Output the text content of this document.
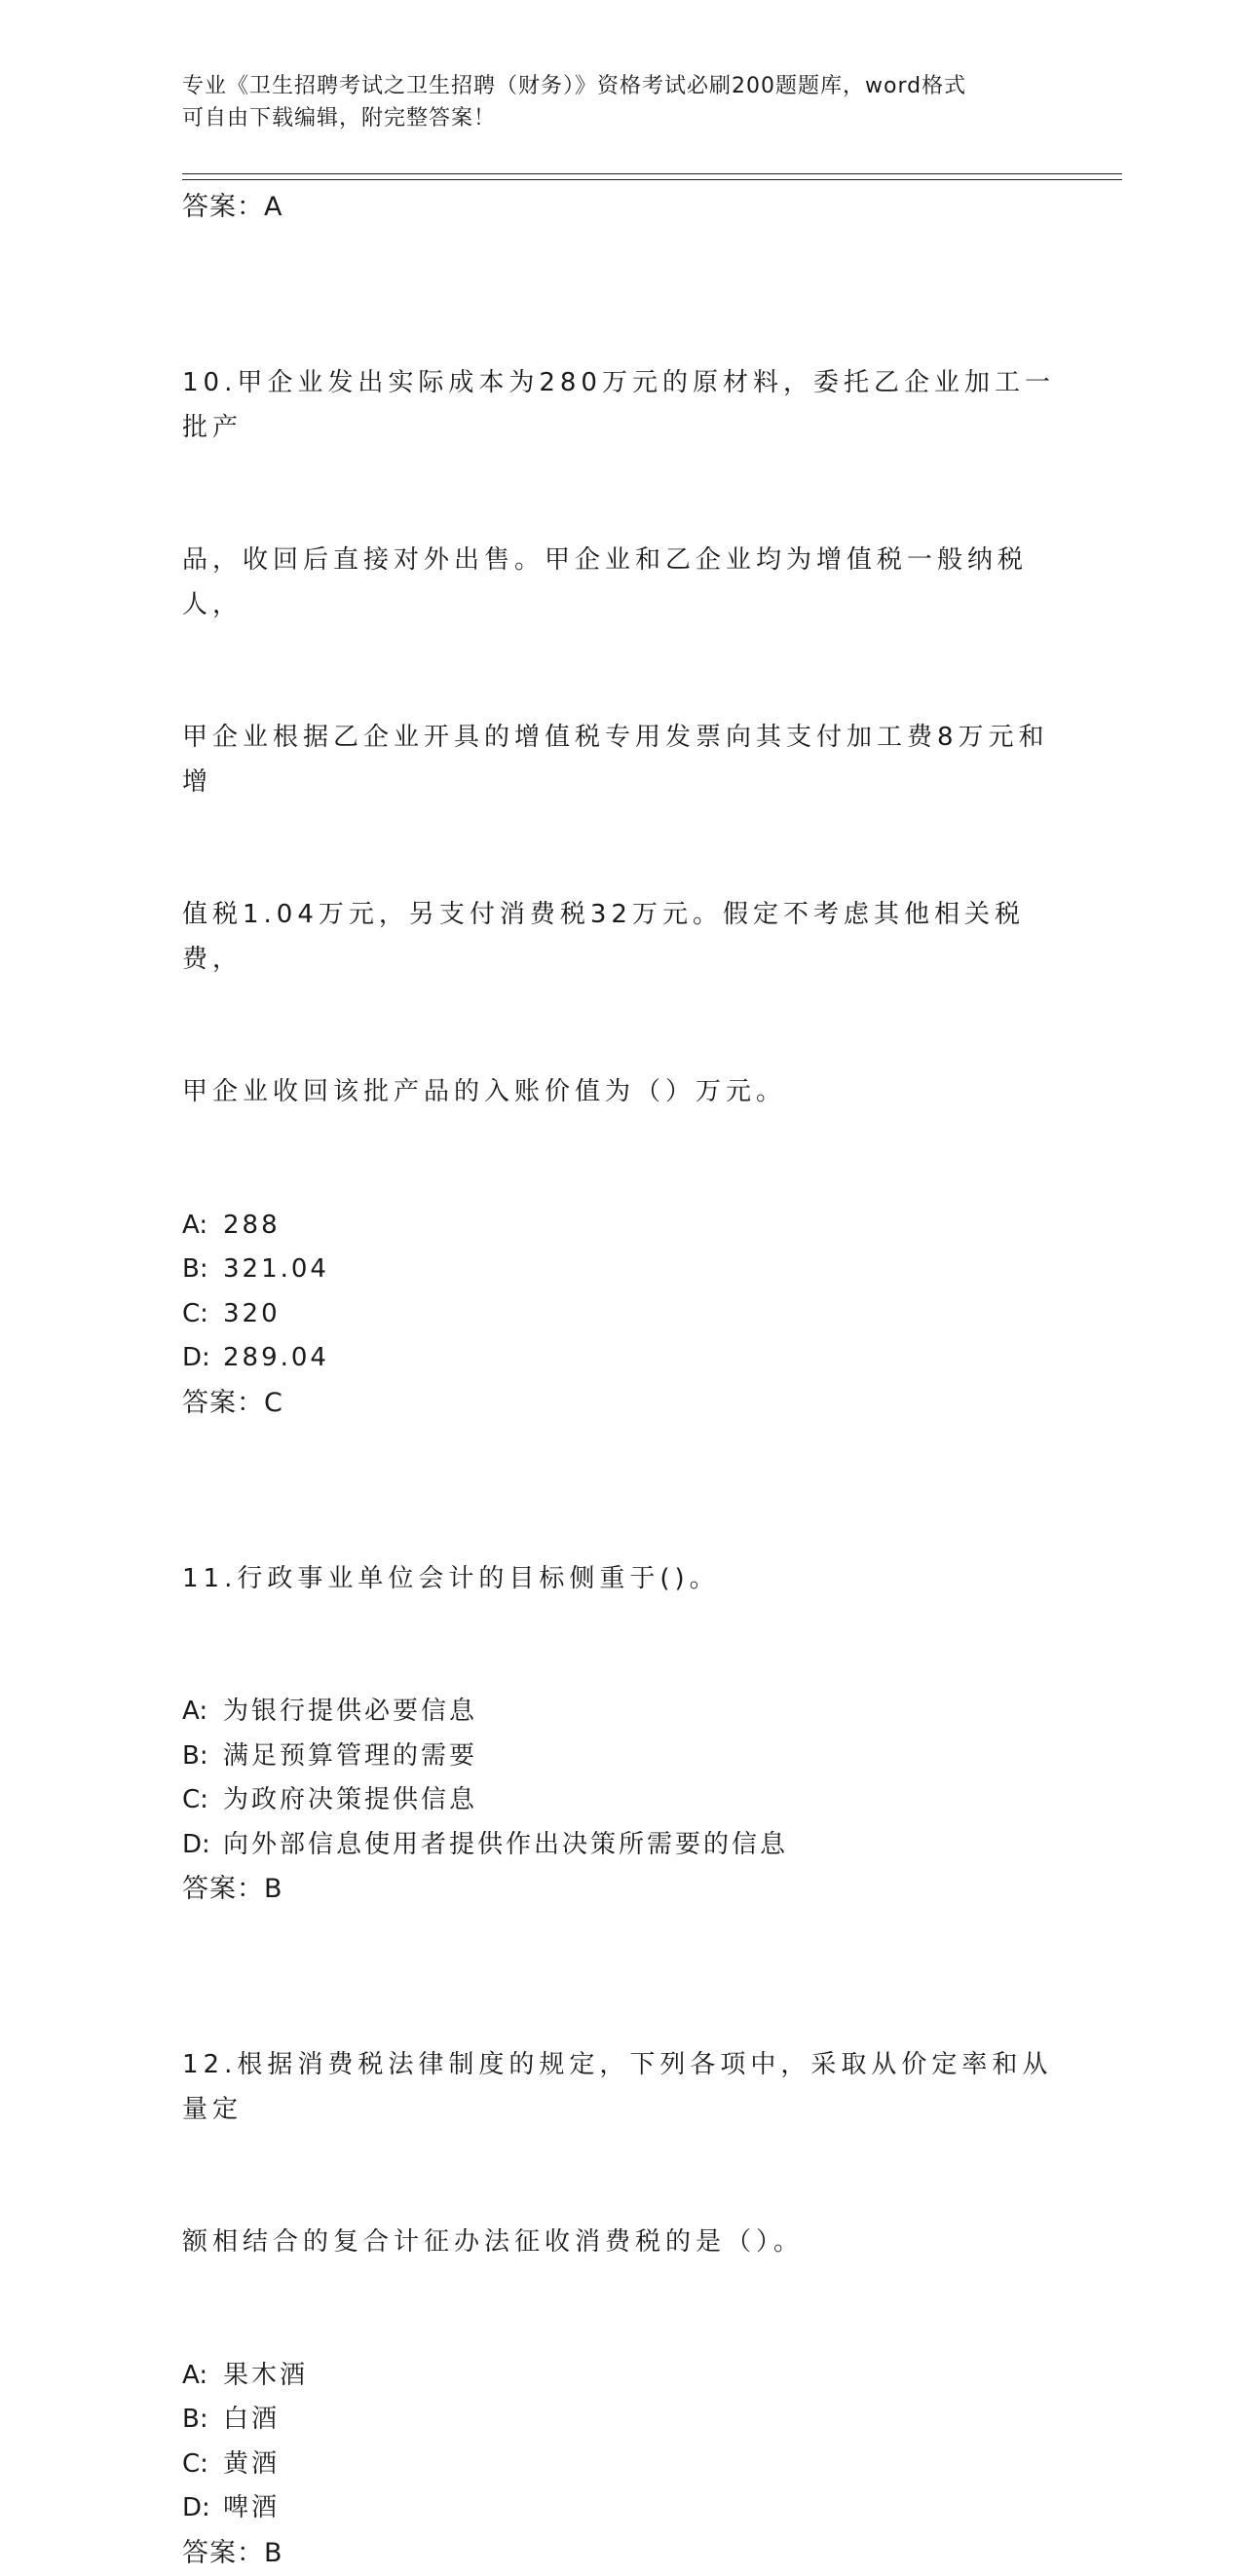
专业《卫生招聘考试之卫生招聘（财务）》资格考试必刷200题题库，word格式
可自由下载编辑，附完整答案！
答案：A

10.甲企业发出实际成本为280万元的原材料，委托乙企业加工一批产

品，收回后直接对外出售。甲企业和乙企业均为增值税一般纳税人，

甲企业根据乙企业开具的增值税专用发票向其支付加工费8万元和增

值税1.04万元，另支付消费税32万元。假定不考虑其他相关税费，

甲企业收回该批产品的入账价值为（）万元。

A: 288
B: 321.04
C: 320
D: 289.04
答案：C

11.行政事业单位会计的目标侧重于()。

A: 为银行提供必要信息
B: 满足预算管理的需要
C: 为政府决策提供信息
D: 向外部信息使用者提供作出决策所需要的信息
答案：B

12.根据消费税法律制度的规定，下列各项中，采取从价定率和从量定

额相结合的复合计征办法征收消费税的是（）。

A: 果木酒
B: 白酒
C: 黄酒
D: 啤酒
答案：B
